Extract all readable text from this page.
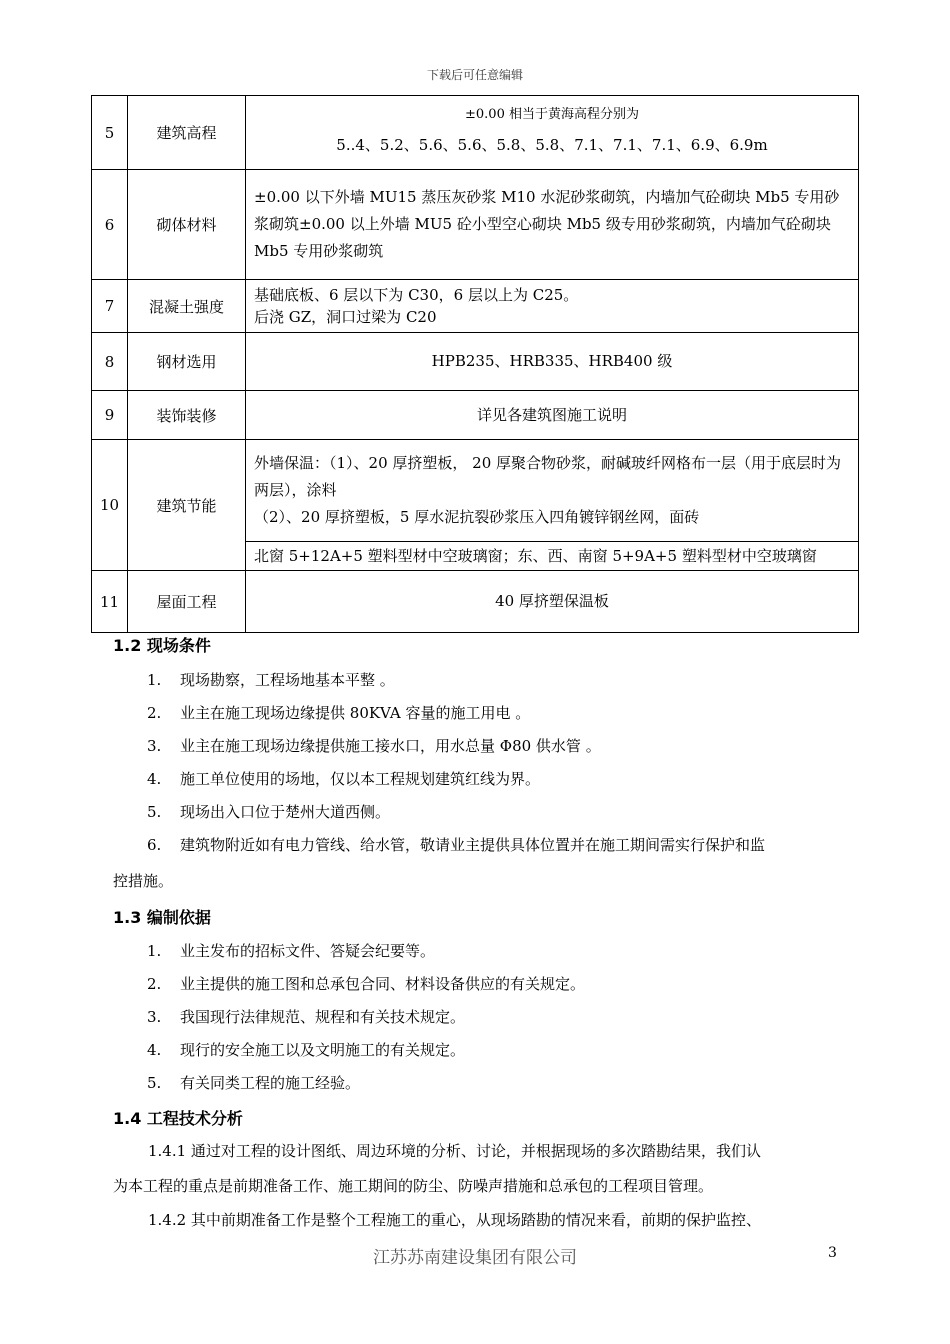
下载后可任意编辑
5	建筑高程	±0.00 相当于黄海高程分别为
5..4、5.2、5.6、5.6、5.8、5.8、7.1、7.1、7.1、6.9、6.9m

6	砌体材料	±0.00 以下外墙 MU15 蒸压灰砂浆 M10 水泥砂浆砌筑，内墙加气砼砌块 Mb5 专用砂浆砌筑±0.00 以上外墙 MU5 砼小型空心砌块 Mb5 级专用砂浆砌筑，内墙加气砼砌块 Mb5 专用砂浆砌筑

7	混凝土强度	基础底板、6 层以下为 C30，6 层以上为 C25。
后浇 GZ，洞口过梁为 C20

8	钢材选用	HPB235、HRB335、HRB400 级

9	装饰装修	详见各建筑图施工说明

10	建筑节能	外墙保温：（1）、20 厚挤塑板， 20 厚聚合物砂浆，耐碱玻纤网格布一层（用于底层时为两层），涂料
（2）、20 厚挤塑板，5 厚水泥抗裂砂浆压入四角镀锌钢丝网，面砖

		北窗 5+12A+5 塑料型材中空玻璃窗；东、西、南窗 5+9A+5 塑料型材中空玻璃窗

11	屋面工程	40 厚挤塑保温板
1.2 现场条件
1. 现场勘察，工程场地基本平整 。
2. 业主在施工现场边缘提供 80KVA 容量的施工用电 。
3. 业主在施工现场边缘提供施工接水口，用水总量 Φ80 供水管 。
4. 施工单位使用的场地，仅以本工程规划建筑红线为界。
5. 现场出入口位于楚州大道西侧。
6. 建筑物附近如有电力管线、给水管，敬请业主提供具体位置并在施工期间需实行保护和监
控措施。
1.3 编制依据
1. 业主发布的招标文件、答疑会纪要等。
2. 业主提供的施工图和总承包合同、材料设备供应的有关规定。
3. 我国现行法律规范、规程和有关技术规定。
4. 现行的安全施工以及文明施工的有关规定。
5. 有关同类工程的施工经验。
1.4 工程技术分析
1.4.1 通过对工程的设计图纸、周边环境的分析、讨论，并根据现场的多次踏勘结果，我们认
为本工程的重点是前期准备工作、施工期间的防尘、防噪声措施和总承包的工程项目管理。
1.4.2 其中前期准备工作是整个工程施工的重心，从现场踏勘的情况来看，前期的保护监控、
江苏苏南建设集团有限公司	3
